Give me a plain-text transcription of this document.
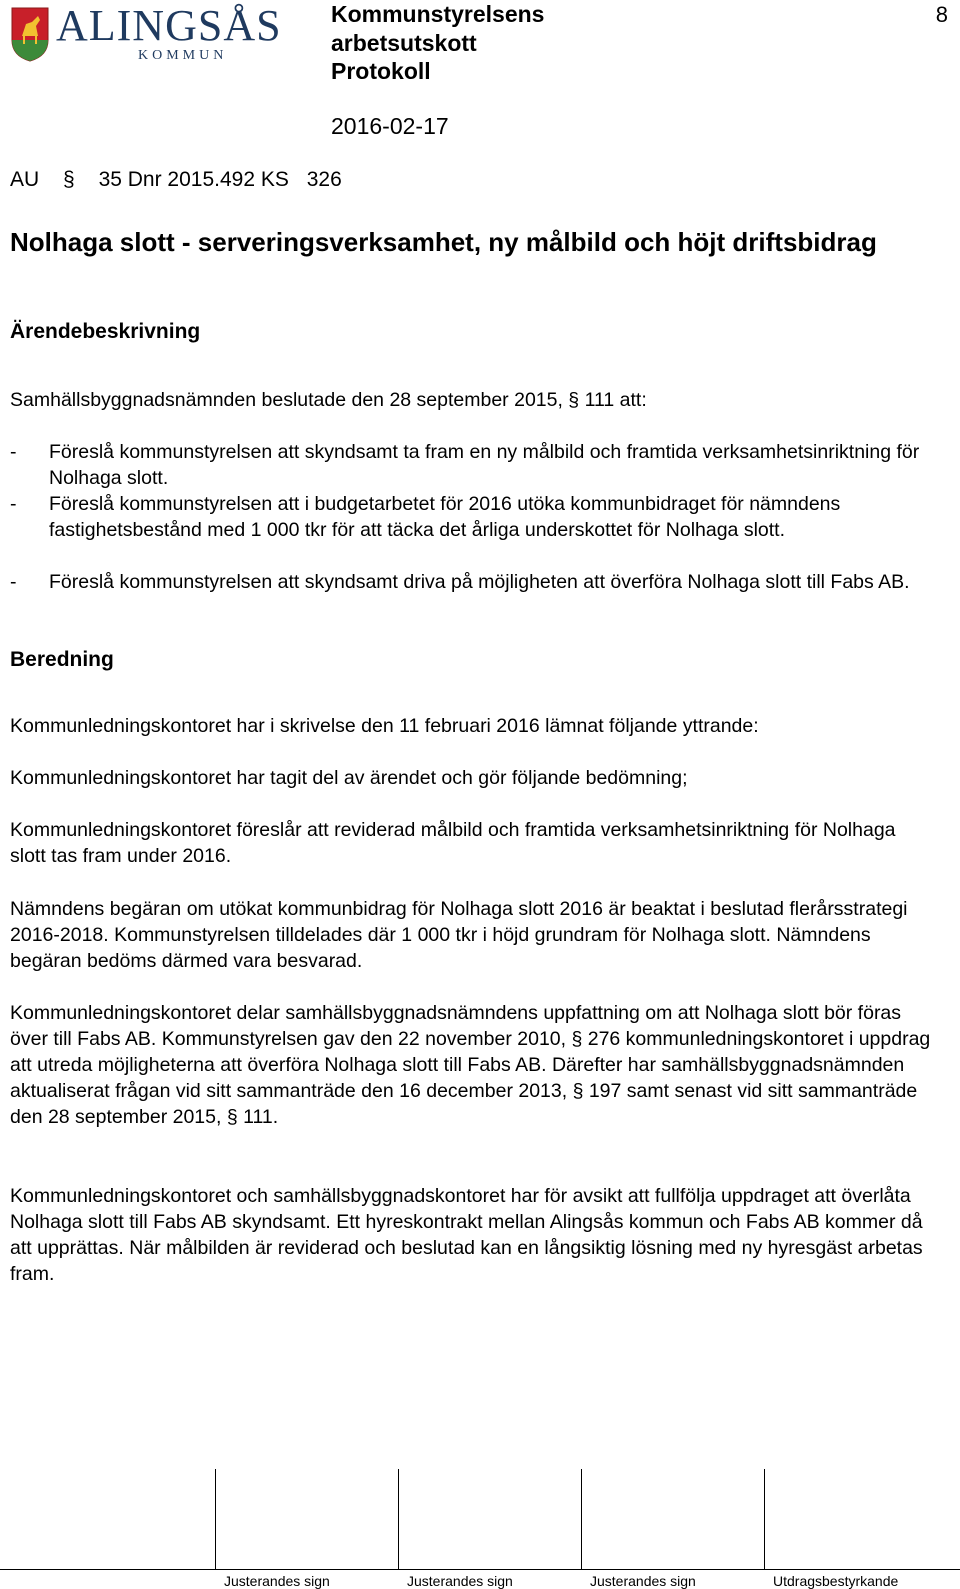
ALINGSÅS
KOMMUN
Kommunstyrelsens
arbetsutskott
Protokoll
8
2016-02-17
AU § 35 Dnr 2015.492 KS 326
Nolhaga slott - serveringsverksamhet, ny målbild och höjt driftsbidrag
Ärendebeskrivning
Samhällsbyggnadsnämnden beslutade den 28 september 2015, § 111 att:
- Föreslå kommunstyrelsen att skyndsamt ta fram en ny målbild och framtida verksamhetsinriktning för Nolhaga slott.
- Föreslå kommunstyrelsen att i budgetarbetet för 2016 utöka kommunbidraget för nämndens fastighetsbestånd med 1 000 tkr för att täcka det årliga underskottet för Nolhaga slott.
- Föreslå kommunstyrelsen att skyndsamt driva på möjligheten att överföra Nolhaga slott till Fabs AB.
Beredning
Kommunledningskontoret har i skrivelse den 11 februari 2016 lämnat följande yttrande:
Kommunledningskontoret har tagit del av ärendet och gör följande bedömning;
Kommunledningskontoret föreslår att reviderad målbild och framtida verksamhetsinriktning för Nolhaga slott tas fram under 2016.
Nämndens begäran om utökat kommunbidrag för Nolhaga slott 2016 är beaktat i beslutad flerårsstrategi 2016-2018. Kommunstyrelsen tilldelades där 1 000 tkr i höjd grundram för Nolhaga slott. Nämndens begäran bedöms därmed vara besvarad.
Kommunledningskontoret delar samhällsbyggnadsnämndens uppfattning om att Nolhaga slott bör föras över till Fabs AB. Kommunstyrelsen gav den 22 november 2010, § 276 kommunledningskontoret i uppdrag att utreda möjligheterna att överföra Nolhaga slott till Fabs AB. Därefter har samhällsbyggnadsnämnden aktualiserat frågan vid sitt sammanträde den 16 december 2013, § 197 samt senast vid sitt sammanträde den 28 september 2015, § 111.
Kommunledningskontoret och samhällsbyggnadskontoret har för avsikt att fullfölja uppdraget att överlåta Nolhaga slott till Fabs AB skyndsamt. Ett hyreskontrakt mellan Alingsås kommun och Fabs AB kommer då att upprättas. När målbilden är reviderad och beslutad kan en långsiktig lösning med ny hyresgäst arbetas fram.
Justerandes sign	Justerandes sign	Justerandes sign	Utdragsbestyrkande
